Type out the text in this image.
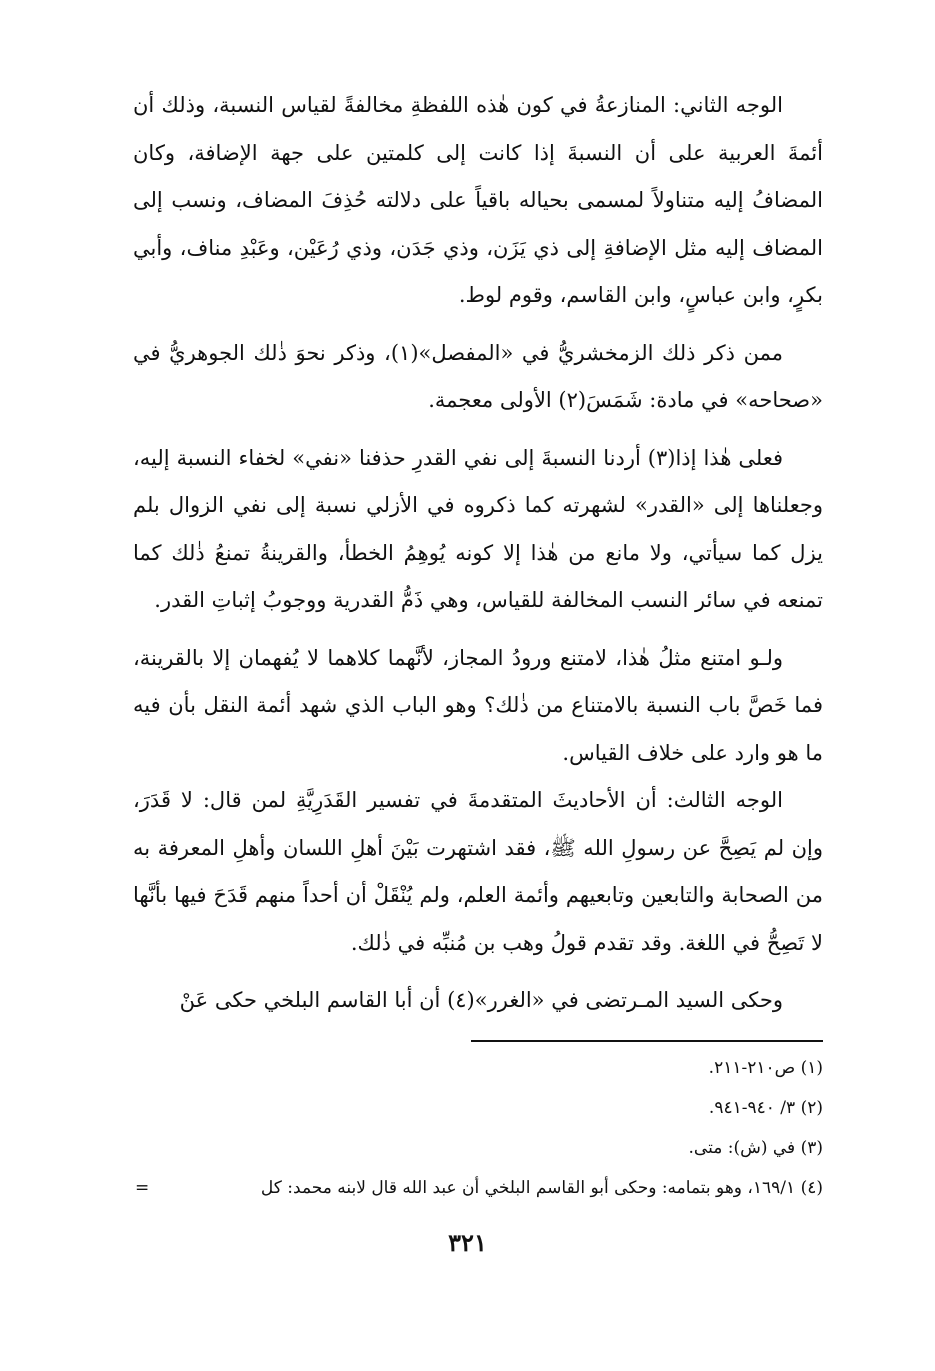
الوجه الثاني: المنازعةُ في كون هٰذه اللفظةِ مخالفةً لقياس النسبة، وذلك أن أئمةَ العربية على أن النسبةَ إذا كانت إلى كلمتين على جهة الإضافة، وكان المضافُ إليه متناولاً لمسمى بحياله باقياً على دلالته حُذِفَ المضاف، ونسب إلى المضاف إليه مثل الإضافةِ إلى ذي يَزَن، وذي جَدَن، وذي رُعَيْن، وعَبْدِ مناف، وأبي بكرٍ، وابن عباسٍ، وابن القاسم، وقوم لوط.

ممن ذكر ذلك الزمخشريُّ في «المفصل»(١)، وذكر نحوَ ذٰلك الجوهريُّ في «صحاحه» في مادة: شَمَسَ(٢) الأولى معجمة.

فعلى هٰذا إذا(٣) أردنا النسبةَ إلى نفي القدرِ حذفنا «نفي» لخفاء النسبة إليه، وجعلناها إلى «القدر» لشهرته كما ذكروه في الأزلي نسبة إلى نفي الزوال بلم يزل كما سيأتي، ولا مانع من هٰذا إلا كونه يُوهِمُ الخطأ، والقرينةُ تمنعُ ذٰلك كما تمنعه في سائر النسب المخالفة للقياس، وهي ذَمُّ القدرية ووجوبُ إثباتِ القدر.

ولـو امتنع مثلُ هٰذا، لامتنع ورودُ المجاز، لأنَّهما كلاهما لا يُفهمان إلا بالقرينة، فما خَصَّ باب النسبة بالامتناع من ذٰلك؟ وهو الباب الذي شهد أئمة النقل بأن فيه ما هو وارد على خلاف القياس.

الوجه الثالث: أن الأحاديثَ المتقدمةَ في تفسير القَدَرِيَّةِ لمن قال: لا قَدَرَ، وإن لم يَصِحَّ عن رسولِ الله ﷺ، فقد اشتهرت بَيْنَ أهلِ اللسان وأهلِ المعرفة به من الصحابة والتابعين وتابعيهم وأئمة العلم، ولم يُنْقَلْ أن أحداً منهم قَدَحَ فيها بأنَّها لا تَصِحُّ في اللغة. وقد تقدم قولُ وهب بن مُنبِّه في ذٰلك.

وحكى السيد المـرتضى في «الغرر»(٤) أن أبا القاسم البلخي حكى عَنْ

(١) ص٢١٠-٢١١.

(٢) ٣/ ٩٤٠-٩٤١.

(٣) في (ش): متى.

(٤) ١٦٩/١، وهو بتمامه: وحكى أبو القاسم البلخي أن عبد الله قال لابنه محمد: كل
=

٣٢١
